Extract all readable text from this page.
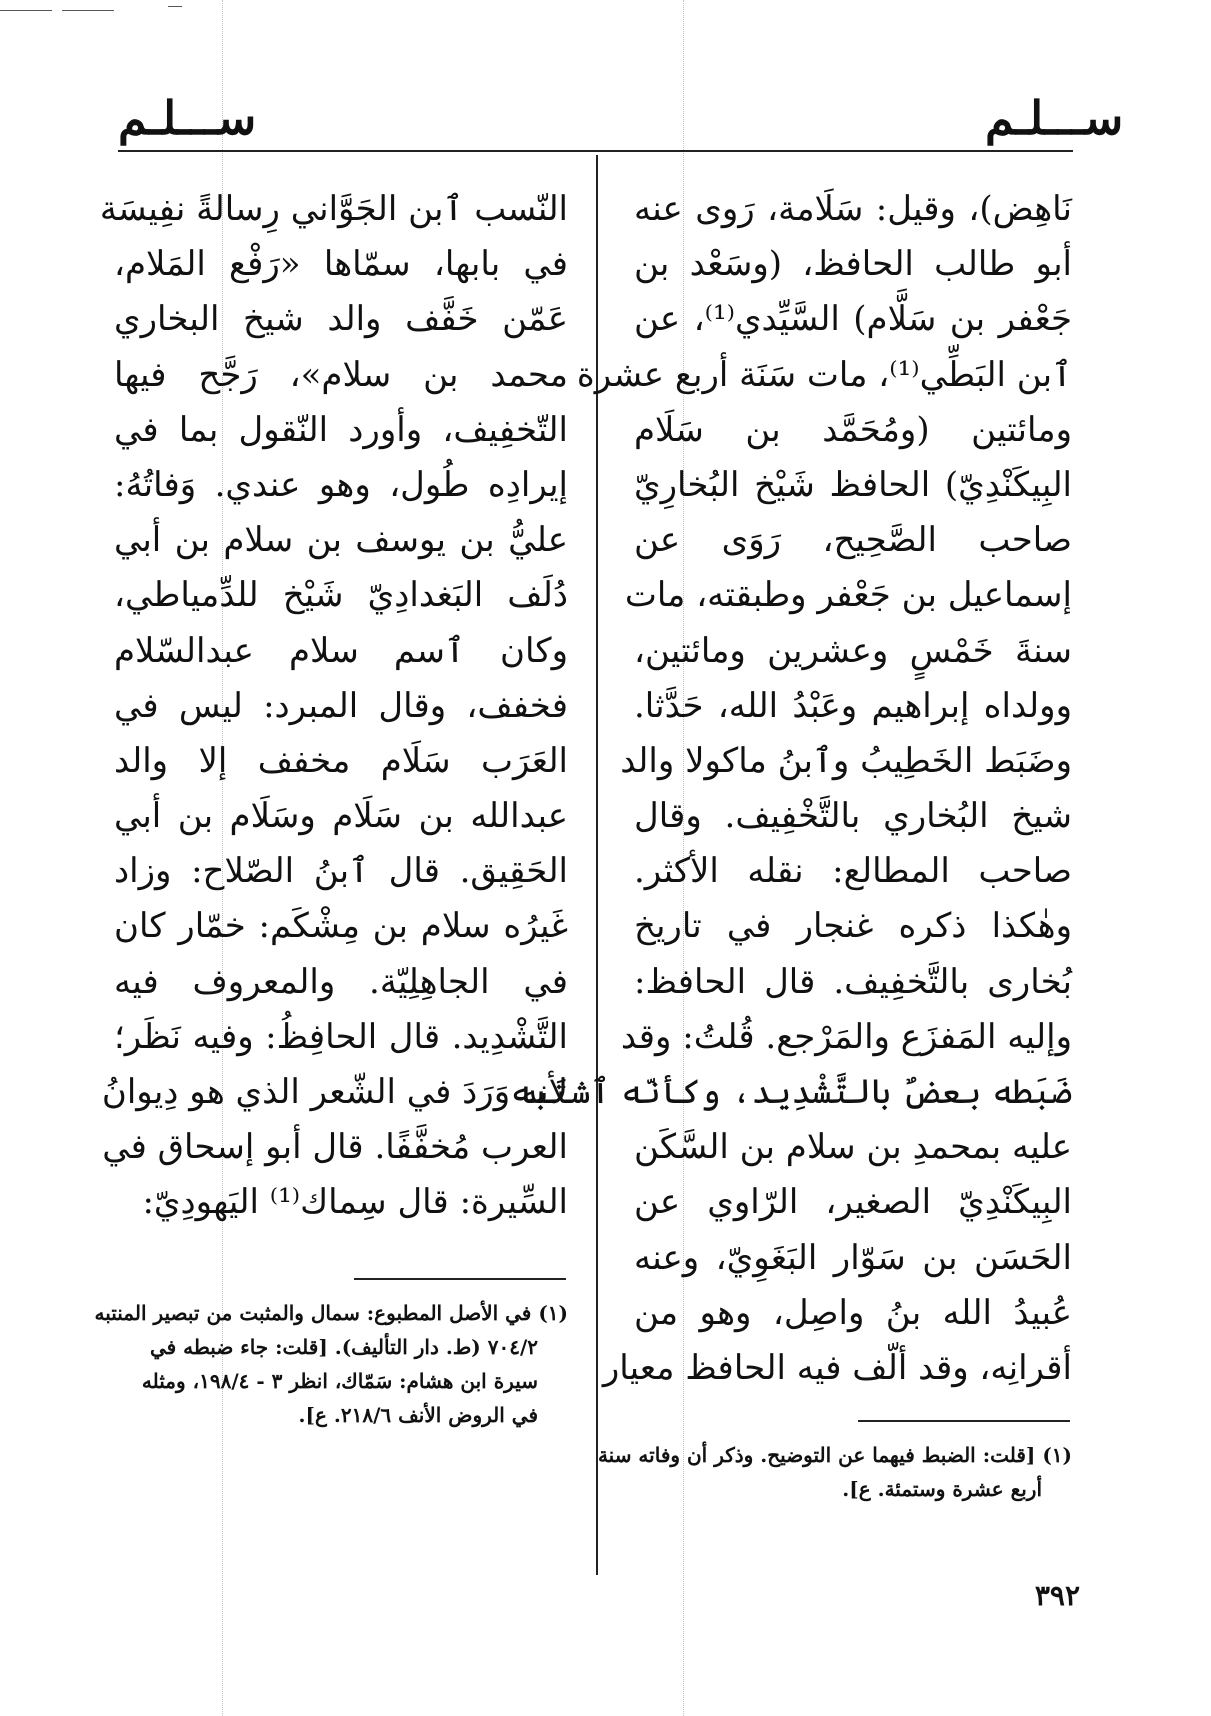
ســـلـم
ســـلـم
نَاهِض)، وقيل: سَلَامة، رَوى عنه
أبو طالب الحافظ، (وسَعْد بن
جَعْفر بن سَلَّام) السَّيِّدي⁽¹⁾، عن
ٱبن البَطِّي⁽¹⁾، مات سَنَة أربع عشرة
ومائتين (ومُحَمَّد بن سَلَام
البِيكَنْدِيّ) الحافظ شَيْخ البُخارِيّ
صاحب الصَّحِيح، رَوَى عن
إسماعيل بن جَعْفر وطبقته، مات
سنةَ خَمْسٍ وعشرين ومائتين،
وولداه إبراهيم وعَبْدُ الله، حَدَّثا.
وضَبَط الخَطِيبُ وٱبنُ ماكولا والد
شيخ البُخاري بالتَّخْفِيف. وقال
صاحب المطالع: نقله الأكثر.
وهٰكذا ذكره غنجار في تاريخ
بُخارى بالتَّخفِيف. قال الحافظ:
وإليه المَفزَع والمَرْجع. قُلتُ: وقد
ضَبَطه بعضٌ بالتَّشْدِيد، وكأنّه ٱشتَبه
عليه بمحمدِ بن سلام بن السَّكَن
البِيكَنْدِيّ الصغير، الرّاوي عن
الحَسَن بن سَوّار البَغَوِيّ، وعنه
عُبيدُ الله بنُ واصِل، وهو من
أقرانِه، وقد ألّف فيه الحافظ معيار
(١) [قلت: الضبط فيهما عن التوضيح. وذكر أن وفاته سنة
أربع عشرة وستمئة. ع].
النّسب ٱبن الجَوَّاني رِسالةً نفِيسَة
في بابها، سمّاها «رَفْع المَلام،
عَمّن خَفَّف والد شيخ البخاري
محمد بن سلام»، رَجَّح فيها
التّخفِيف، وأورد النّقول بما في
إيرادِه طُول، وهو عندي. وَفاتُهُ:
عليُّ بن يوسف بن سلام بن أبي
دُلَف البَغدادِيّ شَيْخ للدِّمياطي،
وكان ٱسم سلام عبدالسّلام
فخفف، وقال المبرد: ليس في
العَرَب سَلَام مخفف إلا والد
عبدالله بن سَلَام وسَلَام بن أبي
الحَقِيق. قال ٱبنُ الصّلاح: وزاد
غَيرُه سلام بن مِشْكَم: خمّار كان
في الجاهِلِيّة. والمعروف فيه
التَّشْدِيد. قال الحافِظُ: وفيه نَظَر؛
لأنه وَرَدَ في الشّعر الذي هو دِيوانُ
العرب مُخفَّفًا. قال أبو إسحاق في
السِّيرة: قال سِماك⁽¹⁾ اليَهودِيّ:
(١) في الأصل المطبوع: سمال والمثبت من تبصير المنتبه
٧٠٤/٢ (ط. دار التأليف). [قلت: جاء ضبطه في
سيرة ابن هشام: سَمّاك، انظر ٣ - ١٩٨/٤، ومثله
في الروض الأنف ٢١٨/٦. ع].
٣٩٢
